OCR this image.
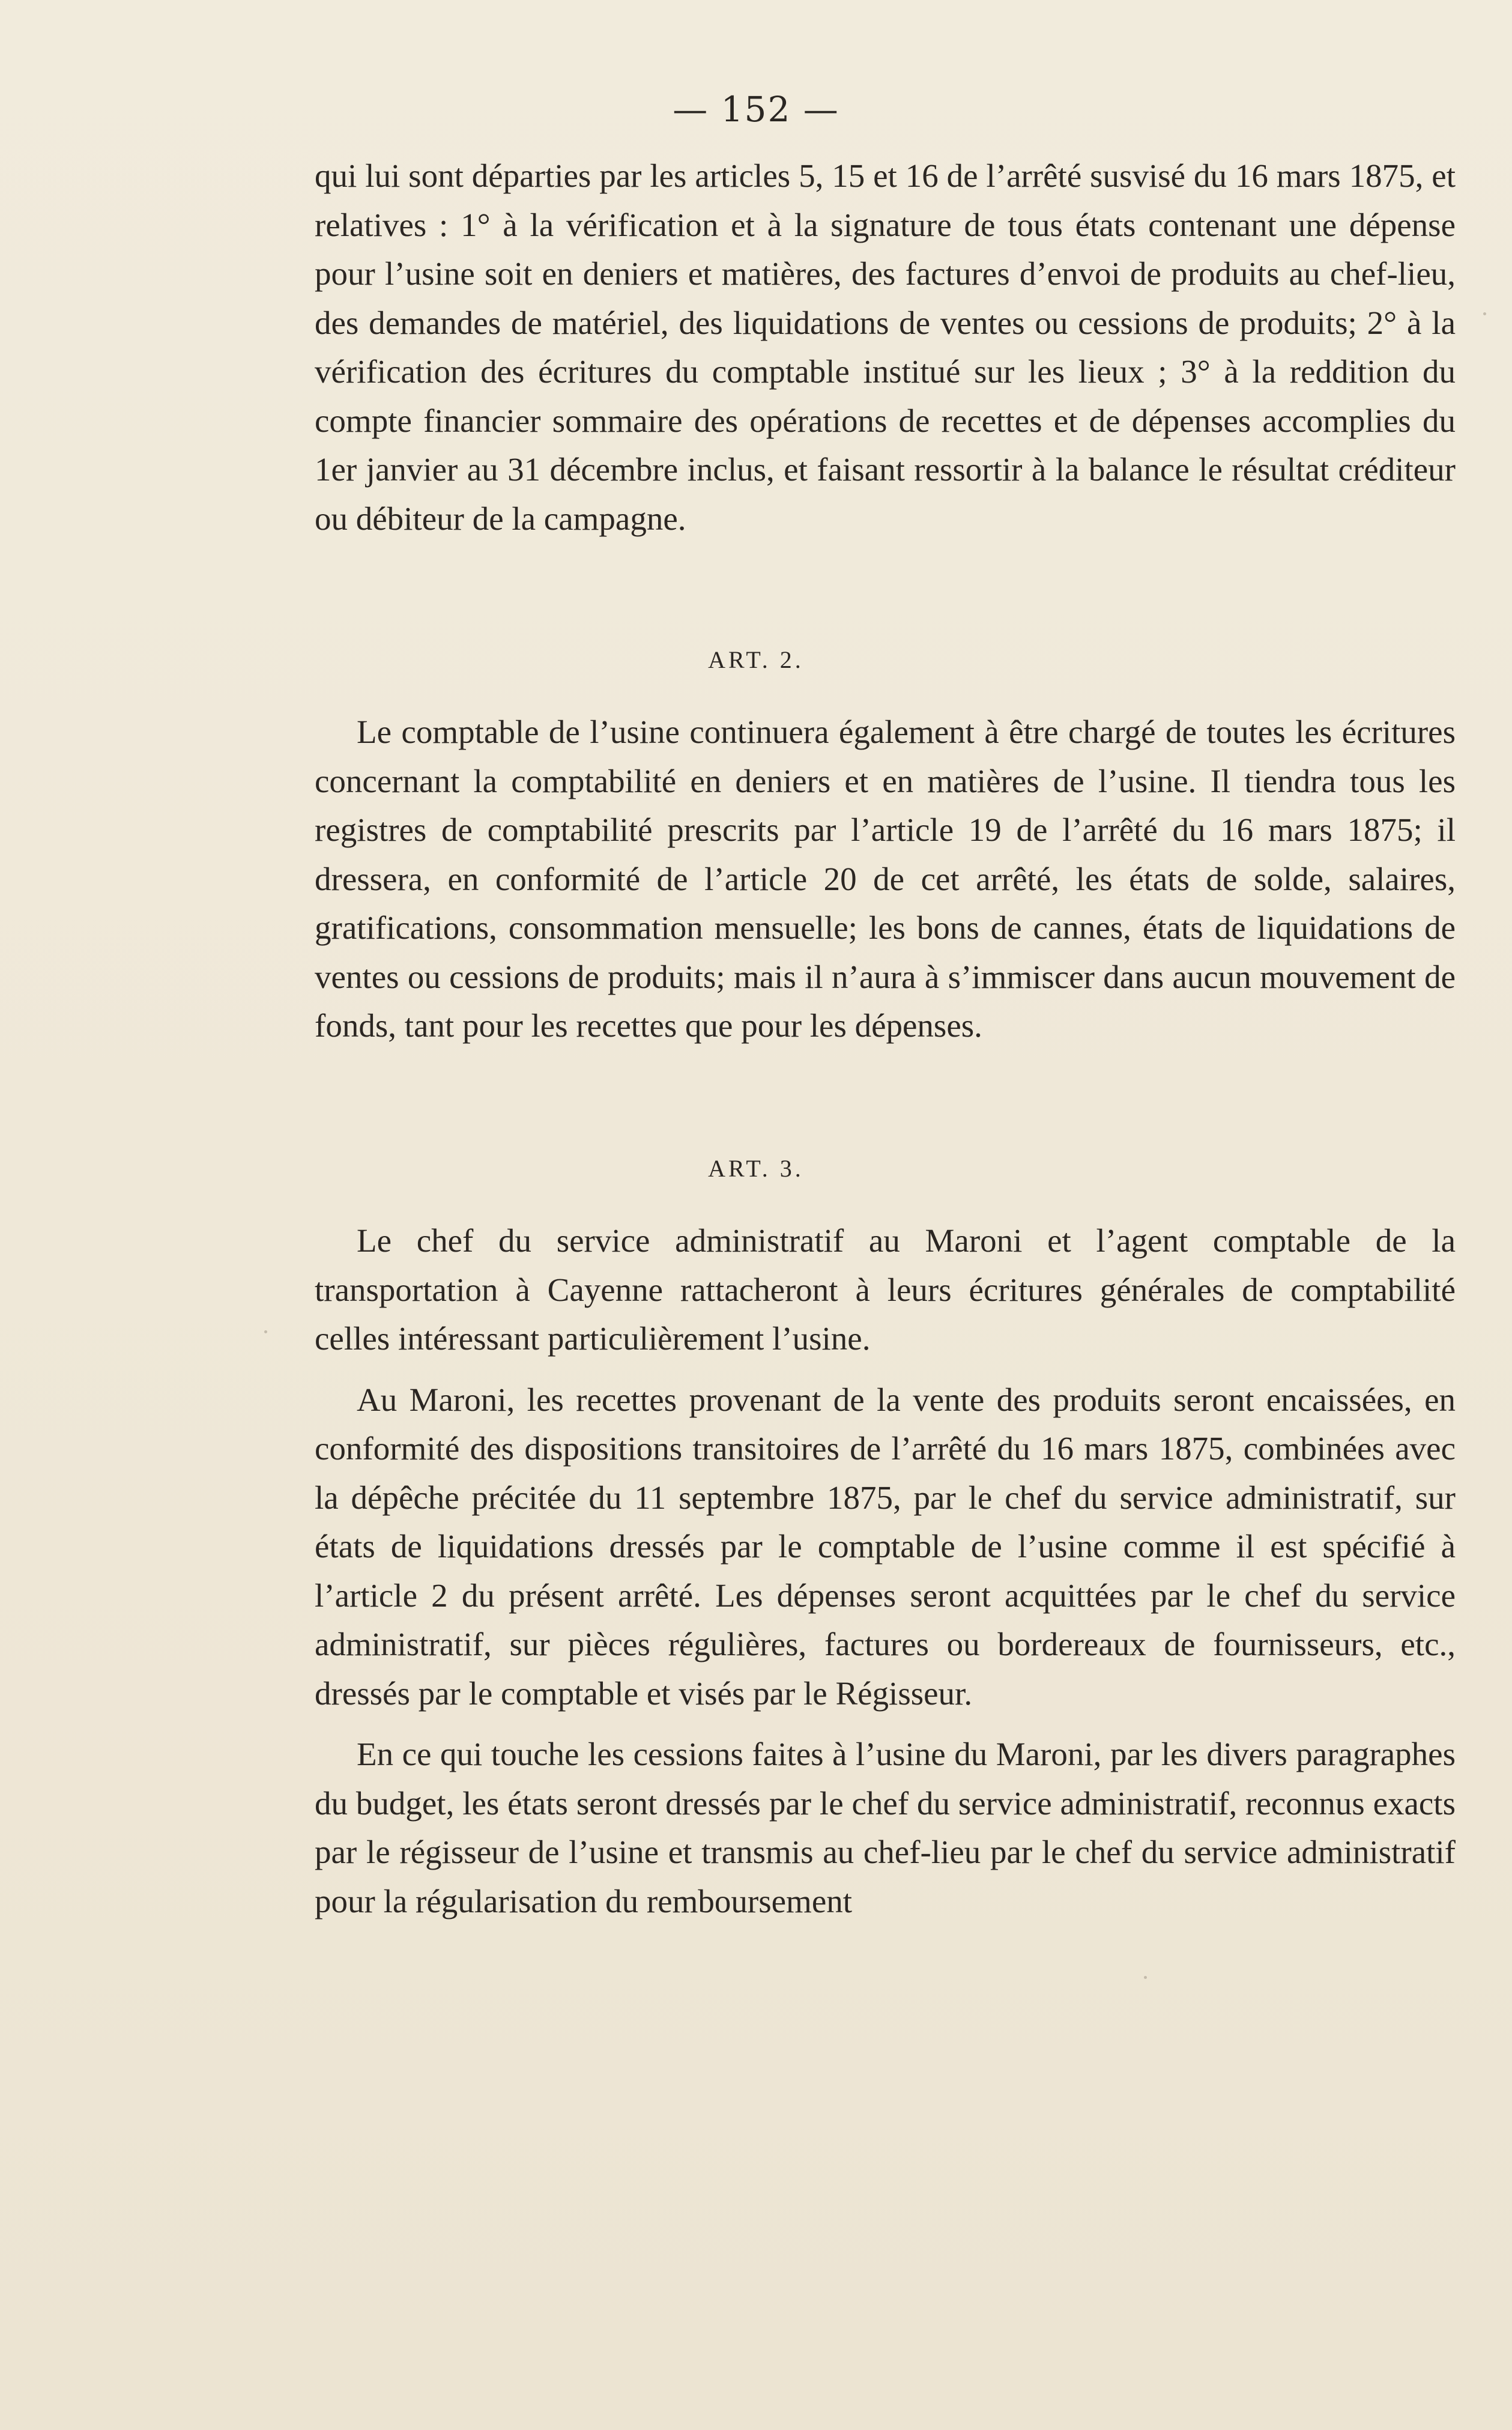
— 152 —

qui lui sont départies par les articles 5, 15 et 16 de l’arrêté susvisé du 16 mars 1875, et relatives : 1° à la vérification et à la signature de tous états contenant une dépense pour l’usine soit en deniers et matières, des factures d’envoi de produits au chef-lieu, des demandes de matériel, des liquidations de ventes ou cessions de produits; 2° à la vérification des écritures du comptable institué sur les lieux ; 3° à la reddition du compte financier sommaire des opérations de recettes et de dépenses accomplies du 1er janvier au 31 décembre inclus, et faisant ressortir à la balance le résultat créditeur ou débiteur de la campagne.

ART. 2.

Le comptable de l’usine continuera également à être chargé de toutes les écritures concernant la comptabilité en deniers et en matières de l’usine. Il tiendra tous les registres de comptabilité prescrits par l’article 19 de l’arrêté du 16 mars 1875; il dressera, en conformité de l’article 20 de cet arrêté, les états de solde, salaires, gratifications, consommation mensuelle; les bons de cannes, états de liquidations de ventes ou cessions de produits; mais il n’aura à s’immiscer dans aucun mouvement de fonds, tant pour les recettes que pour les dépenses.

ART. 3.

Le chef du service administratif au Maroni et l’agent comptable de la transportation à Cayenne rattacheront à leurs écritures générales de comptabilité celles intéressant particulièrement l’usine.

Au Maroni, les recettes provenant de la vente des produits seront encaissées, en conformité des dispositions transitoires de l’arrêté du 16 mars 1875, combinées avec la dépêche précitée du 11 septembre 1875, par le chef du service administratif, sur états de liquidations dressés par le comptable de l’usine comme il est spécifié à l’article 2 du présent arrêté. Les dépenses seront acquittées par le chef du service administratif, sur pièces régulières, factures ou bordereaux de fournisseurs, etc., dressés par le comptable et visés par le Régisseur.

En ce qui touche les cessions faites à l’usine du Maroni, par les divers paragraphes du budget, les états seront dressés par le chef du service administratif, reconnus exacts par le régisseur de l’usine et transmis au chef-lieu par le chef du service administratif pour la régularisation du remboursement
